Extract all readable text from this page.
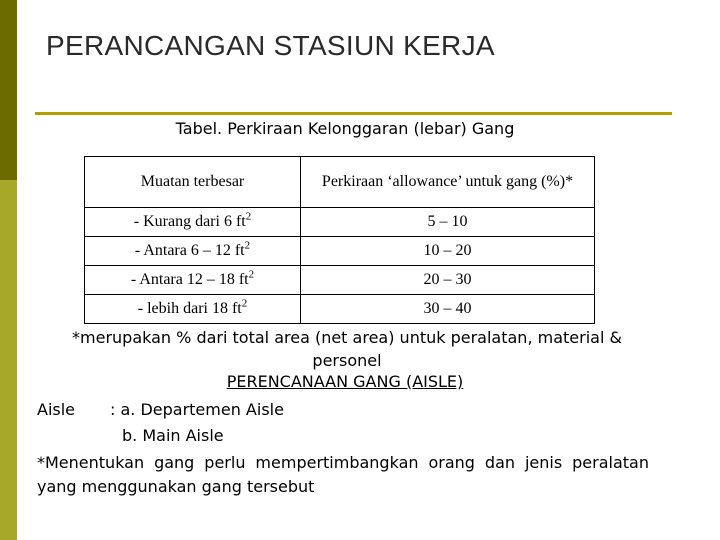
PERANCANGAN STASIUN KERJA
Tabel. Perkiraan Kelonggaran (lebar) Gang
Muatan terbesar	Perkiraan ‘allowance’ untuk gang (%)*
- Kurang dari 6 $ft^2$	5 – 10
- Antara 6 – 12 $ft^2$	10 – 20
- Antara 12 – 18 $ft^2$	20 – 30
- lebih dari 18 $ft^2$	30 – 40
*merupakan % dari total area (net area) untuk peralatan, material & personel
PERENCANAAN GANG (AISLE)
Aisle : a. Departemen Aisle
b. Main Aisle
*Menentukan gang perlu mempertimbangkan orang dan jenis peralatan yang menggunakan gang tersebut
